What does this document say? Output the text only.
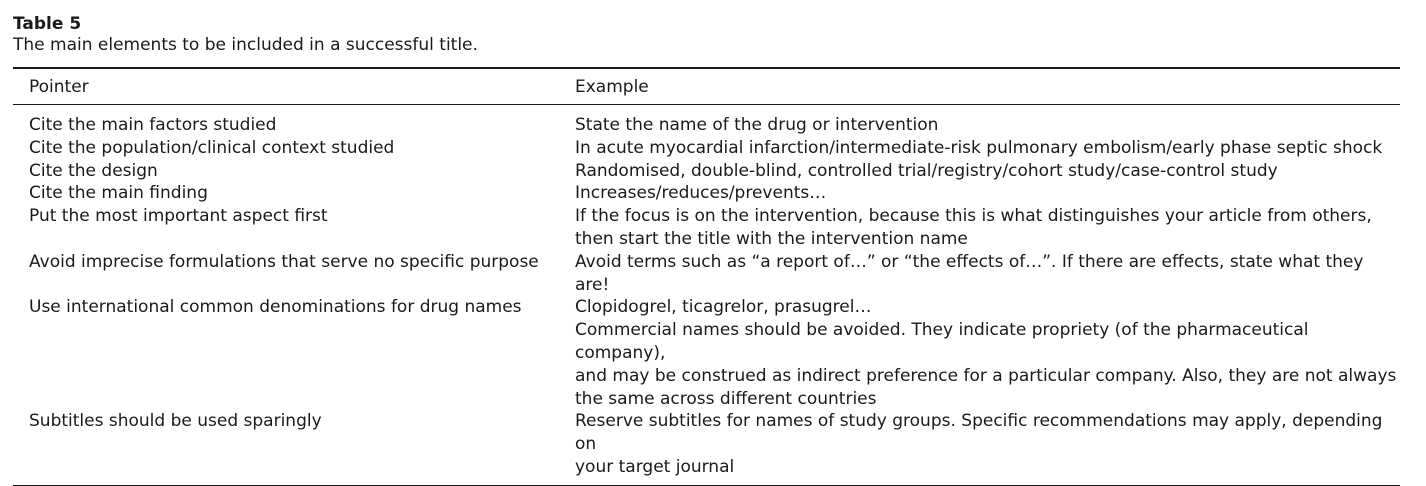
Table 5

The main elements to be included in a successful title.

Pointer	Example
Cite the main factors studied	State the name of the drug or intervention

Cite the population/clinical context studied	In acute myocardial infarction/intermediate-risk pulmonary embolism/early phase septic shock

Cite the design	Randomised, double-blind, controlled trial/registry/cohort study/case-control study

Cite the main finding	Increases/reduces/prevents…

Put the most important aspect first	If the focus is on the intervention, because this is what distinguishes your article from others,
then start the title with the intervention name

Avoid imprecise formulations that serve no specific purpose	Avoid terms such as “a report of…” or “the effects of…”. If there are effects, state what they are!

Use international common denominations for drug names	Clopidogrel, ticagrelor, prasugrel…
Commercial names should be avoided. They indicate propriety (of the pharmaceutical company),
and may be construed as indirect preference for a particular company. Also, they are not always
the same across different countries

Subtitles should be used sparingly	Reserve subtitles for names of study groups. Specific recommendations may apply, depending on
your target journal
